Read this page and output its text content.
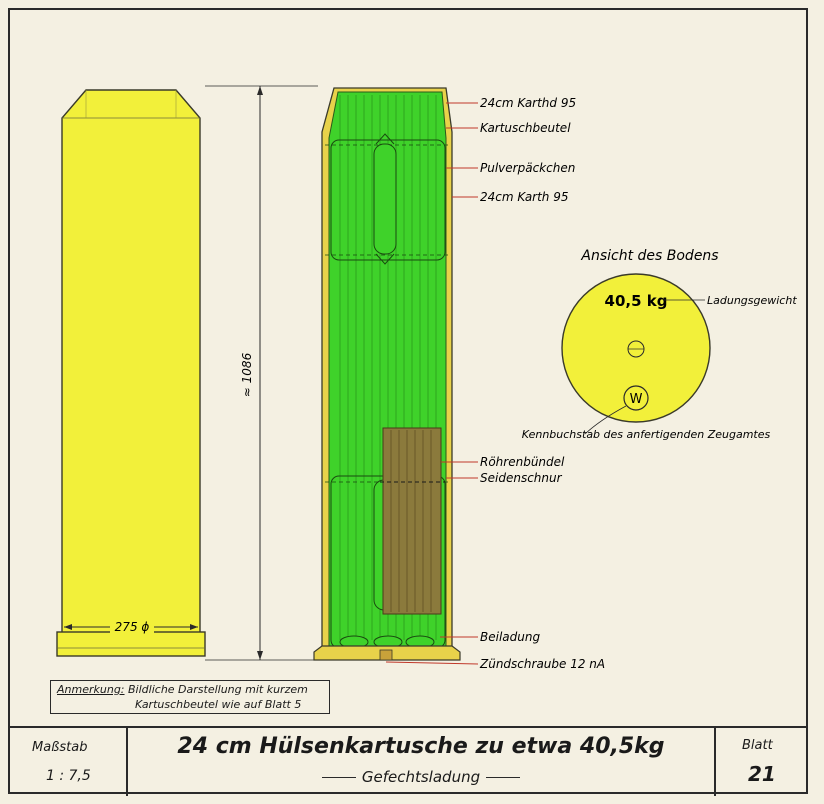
275 ϕ
≈ 1086
24cm Karthd 95
Kartuschbeutel
Pulverpäckchen
24cm Karth 95
Röhrenbündel
Seidenschnur
Beiladung
Zündschraube 12 nA
Ansicht des Bodens
40,5 kg	Ladungsgewicht
W
Kennbuchstab des anfertigenden Zeugamtes
Anmerkung: Bildliche Darstellung mit kurzem
Kartuschbeutel wie auf Blatt 5
Maßstab
1 : 7,5
24 cm Hülsenkartusche zu etwa 40,5kg
Gefechtsladung
Blatt
21
